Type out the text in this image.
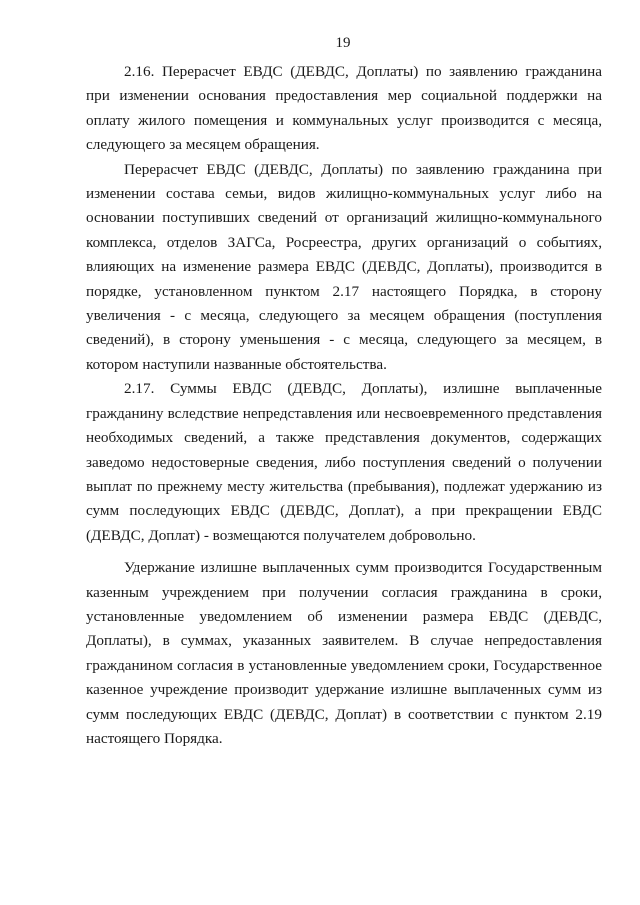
19

2.16. Перерасчет ЕВДС (ДЕВДС, Доплаты) по заявлению гражданина при изменении основания предоставления мер социальной поддержки на оплату жилого помещения и коммунальных услуг производится с месяца, следующего за месяцем обращения.

Перерасчет ЕВДС (ДЕВДС, Доплаты) по заявлению гражданина при изменении состава семьи, видов жилищно-коммунальных услуг либо на основании поступивших сведений от организаций жилищно-коммунального комплекса, отделов ЗАГСа, Росреестра, других организаций о событиях, влияющих на изменение размера ЕВДС (ДЕВДС, Доплаты), производится в порядке, установленном пунктом 2.17 настоящего Порядка, в сторону увеличения - с месяца, следующего за месяцем обращения (поступления сведений), в сторону уменьшения - с месяца, следующего за месяцем, в котором наступили названные обстоятельства.

2.17. Суммы ЕВДС (ДЕВДС, Доплаты), излишне выплаченные гражданину вследствие непредставления или несвоевременного представления необходимых сведений, а также представления документов, содержащих заведомо недостоверные сведения, либо поступления сведений о получении выплат по прежнему месту жительства (пребывания), подлежат удержанию из сумм последующих ЕВДС (ДЕВДС, Доплат), а при прекращении ЕВДС (ДЕВДС, Доплат) - возмещаются получателем добровольно.

Удержание излишне выплаченных сумм производится Государственным казенным учреждением при получении согласия гражданина в сроки, установленные уведомлением об изменении размера ЕВДС (ДЕВДС, Доплаты), в суммах, указанных заявителем. В случае непредоставления гражданином согласия в установленные уведомлением сроки, Государственное казенное учреждение производит удержание излишне выплаченных сумм из сумм последующих ЕВДС (ДЕВДС, Доплат) в соответствии с пунктом 2.19 настоящего Порядка.
